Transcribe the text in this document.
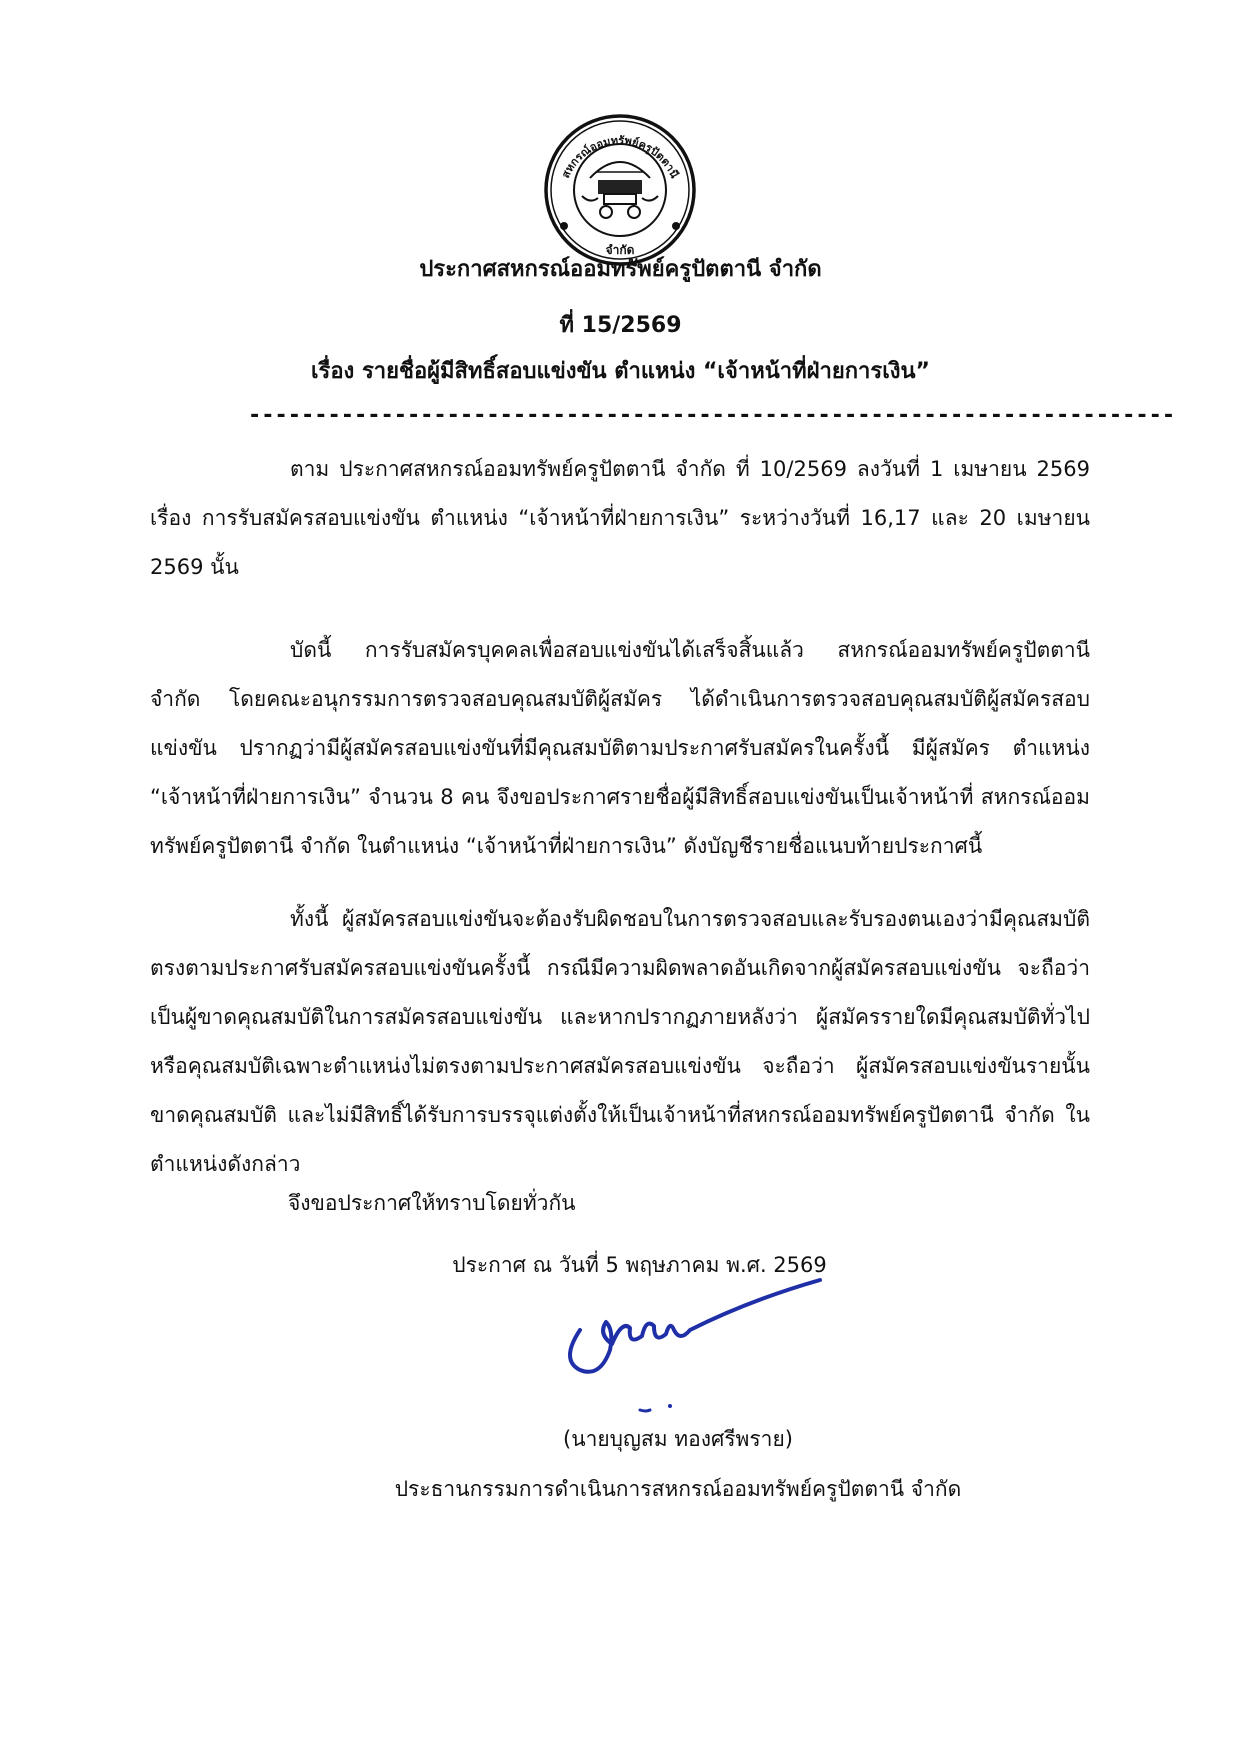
สหกรณ์ออมทรัพย์ครูปัตตานี
จำกัด
ประกาศสหกรณ์ออมทรัพย์ครูปัตตานี จำกัด
ที่ 15/2569
เรื่อง รายชื่อผู้มีสิทธิ์สอบแข่งขัน ตำแหน่ง “เจ้าหน้าที่ฝ่ายการเงิน”
----------------------------------------------------------------------
ตาม ประกาศสหกรณ์ออมทรัพย์ครูปัตตานี จำกัด ที่ 10/2569 ลงวันที่ 1 เมษายน 2569 เรื่อง การรับสมัครสอบแข่งขัน ตำแหน่ง “เจ้าหน้าที่ฝ่ายการเงิน” ระหว่างวันที่ 16,17 และ 20 เมษายน 2569 นั้น
บัดนี้ การรับสมัครบุคคลเพื่อสอบแข่งขันได้เสร็จสิ้นแล้ว สหกรณ์ออมทรัพย์ครูปัตตานี จำกัด โดยคณะอนุกรรมการตรวจสอบคุณสมบัติผู้สมัคร ได้ดำเนินการตรวจสอบคุณสมบัติผู้สมัครสอบแข่งขัน ปรากฏว่ามีผู้สมัครสอบแข่งขันที่มีคุณสมบัติตามประกาศรับสมัครในครั้งนี้ มีผู้สมัคร ตำแหน่ง “เจ้าหน้าที่ฝ่ายการเงิน” จำนวน 8 คน จึงขอประกาศรายชื่อผู้มีสิทธิ์สอบแข่งขันเป็นเจ้าหน้าที่ สหกรณ์ออมทรัพย์ครูปัตตานี จำกัด ในตำแหน่ง “เจ้าหน้าที่ฝ่ายการเงิน” ดังบัญชีรายชื่อแนบท้ายประกาศนี้
ทั้งนี้ ผู้สมัครสอบแข่งขันจะต้องรับผิดชอบในการตรวจสอบและรับรองตนเองว่ามีคุณสมบัติตรงตามประกาศรับสมัครสอบแข่งขันครั้งนี้ กรณีมีความผิดพลาดอันเกิดจากผู้สมัครสอบแข่งขัน จะถือว่าเป็นผู้ขาดคุณสมบัติในการสมัครสอบแข่งขัน และหากปรากฏภายหลังว่า ผู้สมัครรายใดมีคุณสมบัติทั่วไปหรือคุณสมบัติเฉพาะตำแหน่งไม่ตรงตามประกาศสมัครสอบแข่งขัน จะถือว่า ผู้สมัครสอบแข่งขันรายนั้นขาดคุณสมบัติ และไม่มีสิทธิ์ได้รับการบรรจุแต่งตั้งให้เป็นเจ้าหน้าที่สหกรณ์ออมทรัพย์ครูปัตตานี จำกัด ในตำแหน่งดังกล่าว
จึงขอประกาศให้ทราบโดยทั่วกัน
ประกาศ ณ วันที่ 5 พฤษภาคม พ.ศ. 2569
(นายบุญสม ทองศรีพราย)
ประธานกรรมการดำเนินการสหกรณ์ออมทรัพย์ครูปัตตานี จำกัด
